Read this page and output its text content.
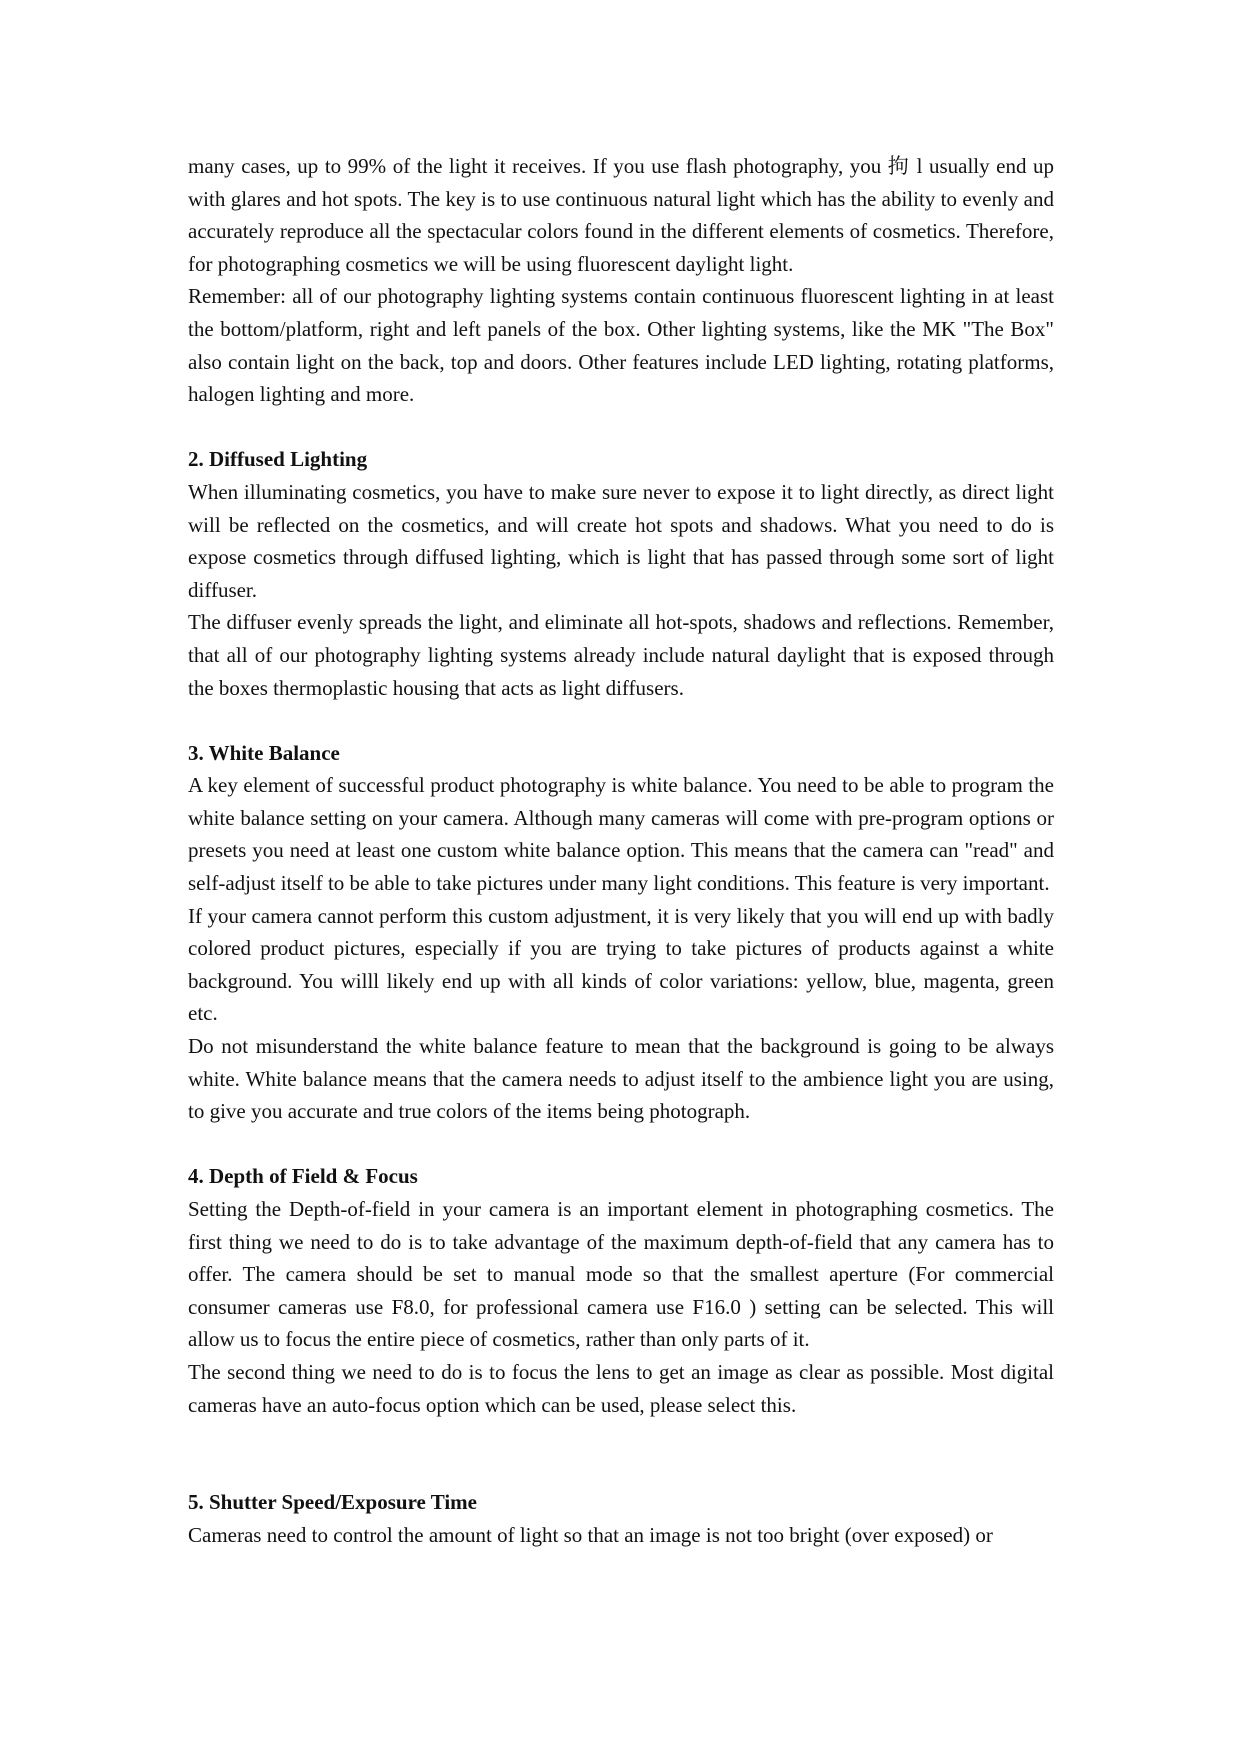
many cases, up to 99% of the light it receives. If you use flash photography, you 拘 l usually end up with glares and hot spots. The key is to use continuous natural light which has the ability to evenly and accurately reproduce all the spectacular colors found in the different elements of cosmetics. Therefore, for photographing cosmetics we will be using fluorescent daylight light.

Remember: all of our photography lighting systems contain continuous fluorescent lighting in at least the bottom/platform, right and left panels of the box. Other lighting systems, like the MK "The Box" also contain light on the back, top and doors. Other features include LED lighting, rotating platforms, halogen lighting and more.

2. Diffused Lighting

When illuminating cosmetics, you have to make sure never to expose it to light directly, as direct light will be reflected on the cosmetics, and will create hot spots and shadows. What you need to do is expose cosmetics through diffused lighting, which is light that has passed through some sort of light diffuser.

The diffuser evenly spreads the light, and eliminate all hot-spots, shadows and reflections. Remember, that all of our photography lighting systems already include natural daylight that is exposed through the boxes thermoplastic housing that acts as light diffusers.

3. White Balance

A key element of successful product photography is white balance. You need to be able to program the white balance setting on your camera. Although many cameras will come with pre-program options or presets you need at least one custom white balance option. This means that the camera can "read" and self-adjust itself to be able to take pictures under many light conditions. This feature is very important.

If your camera cannot perform this custom adjustment, it is very likely that you will end up with badly colored product pictures, especially if you are trying to take pictures of products against a white background. You willl likely end up with all kinds of color variations: yellow, blue, magenta, green etc.

Do not misunderstand the white balance feature to mean that the background is going to be always white. White balance means that the camera needs to adjust itself to the ambience light you are using, to give you accurate and true colors of the items being photograph.

4. Depth of Field & Focus

Setting the Depth-of-field in your camera is an important element in photographing cosmetics. The first thing we need to do is to take advantage of the maximum depth-of-field that any camera has to offer. The camera should be set to manual mode so that the smallest aperture (For commercial consumer cameras use F8.0, for professional camera use F16.0 ) setting can be selected. This will allow us to focus the entire piece of cosmetics, rather than only parts of it.

The second thing we need to do is to focus the lens to get an image as clear as possible. Most digital cameras have an auto-focus option which can be used, please select this.

5. Shutter Speed/Exposure Time

Cameras need to control the amount of light so that an image is not too bright (over exposed) or
